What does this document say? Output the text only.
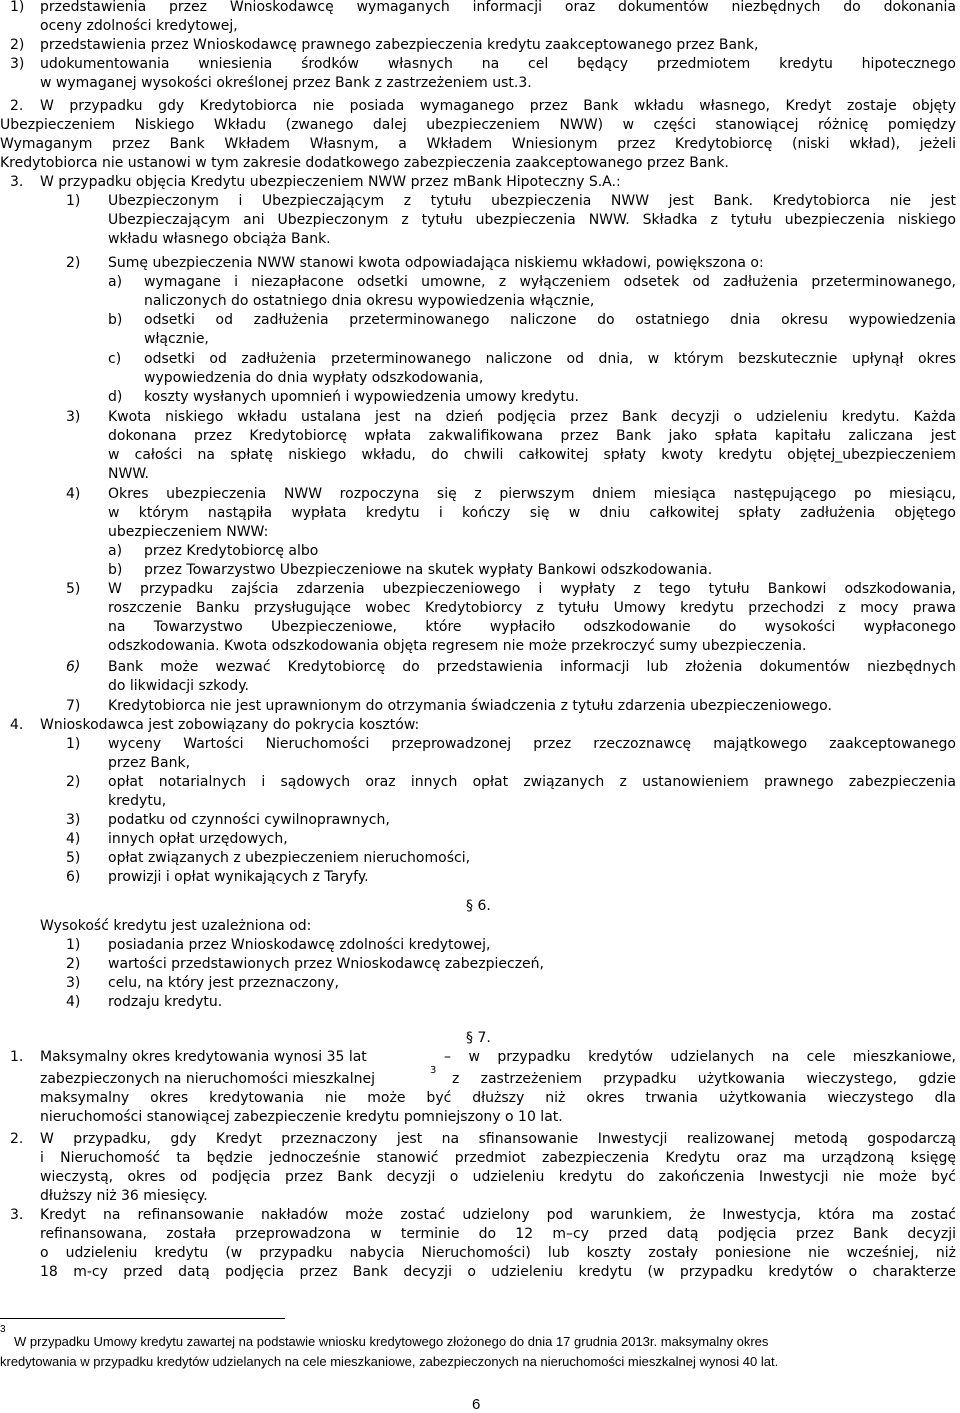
1) przedstawienia przez Wnioskodawcę wymaganych informacji oraz dokumentów niezbędnych do dokonania
oceny zdolności kredytowej,
2) przedstawienia przez Wnioskodawcę prawnego zabezpieczenia kredytu zaakceptowanego przez Bank,
3) udokumentowania wniesienia środków własnych na cel będący przedmiotem kredytu hipotecznego
w wymaganej wysokości określonej przez Bank z zastrzeżeniem ust.3.
2. W przypadku gdy Kredytobiorca nie posiada wymaganego przez Bank wkładu własnego, Kredyt zostaje objęty
Ubezpieczeniem Niskiego Wkładu (zwanego dalej ubezpieczeniem NWW) w części stanowiącej różnicę pomiędzy
Wymaganym przez Bank Wkładem Własnym, a Wkładem Wniesionym przez Kredytobiorcę (niski wkład), jeżeli
Kredytobiorca nie ustanowi w tym zakresie dodatkowego zabezpieczenia zaakceptowanego przez Bank.
3. W przypadku objęcia Kredytu ubezpieczeniem NWW przez mBank Hipoteczny S.A.:
1) Ubezpieczonym i Ubezpieczającym z tytułu ubezpieczenia NWW jest Bank. Kredytobiorca nie jest
Ubezpieczającym ani Ubezpieczonym z tytułu ubezpieczenia NWW. Składka z tytułu ubezpieczenia niskiego
wkładu własnego obciąża Bank.
2) Sumę ubezpieczenia NWW stanowi kwota odpowiadająca niskiemu wkładowi, powiększona o:
a) wymagane i niezapłacone odsetki umowne, z wyłączeniem odsetek od zadłużenia przeterminowanego,
naliczonych do ostatniego dnia okresu wypowiedzenia włącznie,
b) odsetki od zadłużenia przeterminowanego naliczone do ostatniego dnia okresu wypowiedzenia
włącznie,
c) odsetki od zadłużenia przeterminowanego naliczone od dnia, w którym bezskutecznie upłynął okres
wypowiedzenia do dnia wypłaty odszkodowania,
d) koszty wysłanych upomnień i wypowiedzenia umowy kredytu.
3) Kwota niskiego wkładu ustalana jest na dzień podjęcia przez Bank decyzji o udzieleniu kredytu. Każda
dokonana przez Kredytobiorcę wpłata zakwalifikowana przez Bank jako spłata kapitału zaliczana jest
w całości na spłatę niskiego wkładu, do chwili całkowitej spłaty kwoty kredytu objętej_ubezpieczeniem
NWW.
4) Okres ubezpieczenia NWW rozpoczyna się z pierwszym dniem miesiąca następującego po miesiącu,
w którym nastąpiła wypłata kredytu i kończy się w dniu całkowitej spłaty zadłużenia objętego
ubezpieczeniem NWW:
a) przez Kredytobiorcę albo
b) przez Towarzystwo Ubezpieczeniowe na skutek wypłaty Bankowi odszkodowania.
5) W przypadku zajścia zdarzenia ubezpieczeniowego i wypłaty z tego tytułu Bankowi odszkodowania,
roszczenie Banku przysługujące wobec Kredytobiorcy z tytułu Umowy kredytu przechodzi z mocy prawa
na Towarzystwo Ubezpieczeniowe, które wypłaciło odszkodowanie do wysokości wypłaconego
odszkodowania. Kwota odszkodowania objęta regresem nie może przekroczyć sumy ubezpieczenia.
6) Bank może wezwać Kredytobiorcę do przedstawienia informacji lub złożenia dokumentów niezbędnych
do likwidacji szkody.
7) Kredytobiorca nie jest uprawnionym do otrzymania świadczenia z tytułu zdarzenia ubezpieczeniowego.
4. Wnioskodawca jest zobowiązany do pokrycia kosztów:
1) wyceny Wartości Nieruchomości przeprowadzonej przez rzeczoznawcę majątkowego zaakceptowanego
przez Bank,
2) opłat notarialnych i sądowych oraz innych opłat związanych z ustanowieniem prawnego zabezpieczenia
kredytu,
3) podatku od czynności cywilnoprawnych,
4) innych opłat urzędowych,
5) opłat związanych z ubezpieczeniem nieruchomości,
6) prowizji i opłat wynikających z Taryfy.
§ 6.
Wysokość kredytu jest uzależniona od:
1) posiadania przez Wnioskodawcę zdolności kredytowej,
2) wartości przedstawionych przez Wnioskodawcę zabezpieczeń,
3) celu, na który jest przeznaczony,
4) rodzaju kredytu.
§ 7.
1. Maksymalny okres kredytowania wynosi 35 lat	– w przypadku kredytów udzielanych na cele mieszkaniowe,
zabezpieczonych na nieruchomości mieszkalnej
3
z zastrzeżeniem przypadku użytkowania wieczystego, gdzie
maksymalny okres kredytowania nie może być dłuższy niż okres trwania użytkowania wieczystego dla
nieruchomości stanowiącej zabezpieczenie kredytu pomniejszony o 10 lat.
2. W przypadku, gdy Kredyt przeznaczony jest na sfinansowanie Inwestycji realizowanej metodą gospodarczą
i Nieruchomość ta będzie jednocześnie stanowić przedmiot zabezpieczenia Kredytu oraz ma urządzoną księgę
wieczystą, okres od podjęcia przez Bank decyzji o udzieleniu kredytu do zakończenia Inwestycji nie może być
dłuższy niż 36 miesięcy.
3. Kredyt na refinansowanie nakładów może zostać udzielony pod warunkiem, że Inwestycja, która ma zostać
refinansowana, została przeprowadzona w terminie do 12 m–cy przed datą podjęcia przez Bank decyzji
o udzieleniu kredytu (w przypadku nabycia Nieruchomości) lub koszty zostały poniesione nie wcześniej, niż
18 m-cy przed datą podjęcia przez Bank decyzji o udzieleniu kredytu (w przypadku kredytów o charakterze
3
W przypadku Umowy kredytu zawartej na podstawie wniosku kredytowego złożonego do dnia 17 grudnia 2013r. maksymalny okres
kredytowania w przypadku kredytów udzielanych na cele mieszkaniowe, zabezpieczonych na nieruchomości mieszkalnej wynosi 40 lat.
6
